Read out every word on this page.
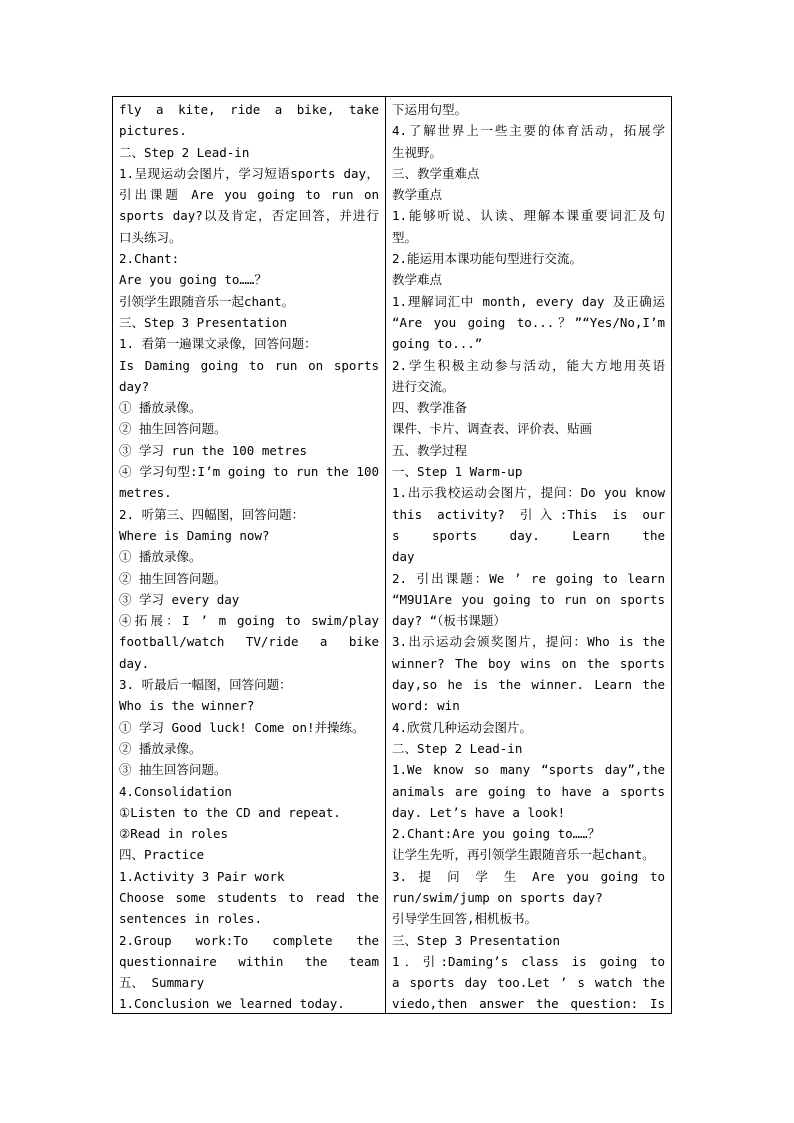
fly a kite, ride a bike, take
pictures.
二、Step 2 Lead-in
1.呈现运动会图片，学习短语sports day，
引出课题 Are you going to run on
sports day?以及肯定，否定回答，并进行
口头练习。
2.Chant:
Are you going to……？
引领学生跟随音乐一起chant。
三、Step 3 Presentation
1. 看第一遍课文录像，回答问题：
Is Daming going to run on sports
day?
① 播放录像。
② 抽生回答问题。
③ 学习 run the 100 metres
④ 学习句型:I’m going to run the 100
metres.
2. 听第三、四幅图，回答问题：
Where is Daming now?
① 播放录像。
② 抽生回答问题。
③ 学习 every day
④拓展：I ’ m going to swim/play
football/watch TV/ride a bike
day.
3. 听最后一幅图，回答问题：
Who is the winner?
① 学习 Good luck! Come on!并操练。
② 播放录像。
③ 抽生回答问题。
4.Consolidation
①Listen to the CD and repeat.
②Read in roles
四、Practice
1.Activity 3 Pair work
Choose some students to read the
sentences in roles.
2.Group work:To complete the
questionnaire within the team
五、 Summary
1.Conclusion we learned today.
下运用句型。
4.了解世界上一些主要的体育活动，拓展学
生视野。
三、教学重难点
教学重点
1.能够听说、认读、理解本课重要词汇及句
型。
2.能运用本课功能句型进行交流。
教学难点
1.理解词汇中 month, every day 及正确运
“Are you going to...？”“Yes/No,I’m
going to...”
2.学生积极主动参与活动，能大方地用英语
进行交流。
四、教学准备
课件、卡片、调查表、评价表、贴画
五、教学过程
一、Step 1 Warm-up
1.出示我校运动会图片，提问：Do you know
this activity? 引入:This is our
s sports day. Learn the
day
2. 引出课题：We ’ re going to learn
“M9U1Are you going to run on sports
day? “（板书课题）
3.出示运动会颁奖图片，提问：Who is the
winner? The boy wins on the sports
day,so he is the winner. Learn the
word: win
4.欣赏几种运动会图片。
二、Step 2 Lead-in
1.We know so many “sports day”,the
animals are going to have a sports
day. Let’s have a look!
2.Chant:Are you going to……？
让学生先听，再引领学生跟随音乐一起chant。
3. 提 问 学 生 Are you going to
run/swim/jump on sports day?
引导学生回答,相机板书。
三、Step 3 Presentation
1．引:Daming’s class is going to
a sports day too.Let ’ s watch the
viedo,then answer the question: Is
